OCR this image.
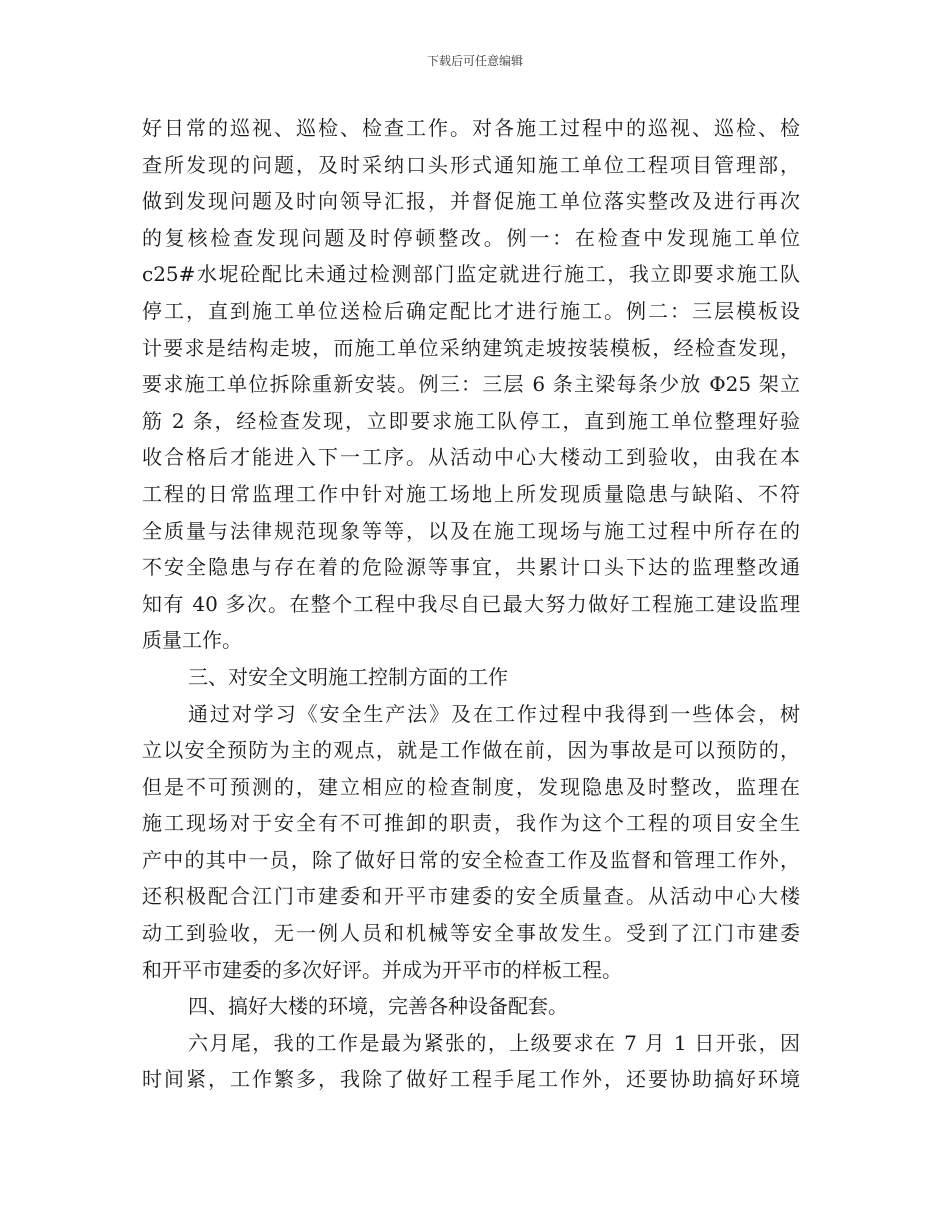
下载后可任意编辑
好日常的巡视、巡检、检查工作。对各施工过程中的巡视、巡检、检
查所发现的问题，及时采纳口头形式通知施工单位工程项目管理部，
做到发现问题及时向领导汇报，并督促施工单位落实整改及进行再次
的复核检查发现问题及时停顿整改。例一：在检查中发现施工单位
c25#水坭砼配比未通过检测部门监定就进行施工，我立即要求施工队
停工，直到施工单位送检后确定配比才进行施工。例二：三层模板设
计要求是结构走坡，而施工单位采纳建筑走坡按装模板，经检查发现，
要求施工单位拆除重新安装。例三：三层 6 条主梁每条少放 Φ25 架立
筋 2 条，经检查发现，立即要求施工队停工，直到施工单位整理好验
收合格后才能进入下一工序。从活动中心大楼动工到验收，由我在本
工程的日常监理工作中针对施工场地上所发现质量隐患与缺陷、不符
全质量与法律规范现象等等，以及在施工现场与施工过程中所存在的
不安全隐患与存在着的危险源等事宜，共累计口头下达的监理整改通
知有 40 多次。在整个工程中我尽自已最大努力做好工程施工建设监理
质量工作。
三、对安全文明施工控制方面的工作
通过对学习《安全生产法》及在工作过程中我得到一些体会，树
立以安全预防为主的观点，就是工作做在前，因为事故是可以预防的，
但是不可预测的，建立相应的检查制度，发现隐患及时整改，监理在
施工现场对于安全有不可推卸的职责，我作为这个工程的项目安全生
产中的其中一员，除了做好日常的安全检查工作及监督和管理工作外，
还积极配合江门市建委和开平市建委的安全质量查。从活动中心大楼
动工到验收，无一例人员和机械等安全事故发生。受到了江门市建委
和开平市建委的多次好评。并成为开平市的样板工程。
四、搞好大楼的环境，完善各种设备配套。
六月尾，我的工作是最为紧张的，上级要求在 7 月 1 日开张，因
时间紧，工作繁多，我除了做好工程手尾工作外，还要协助搞好环境
